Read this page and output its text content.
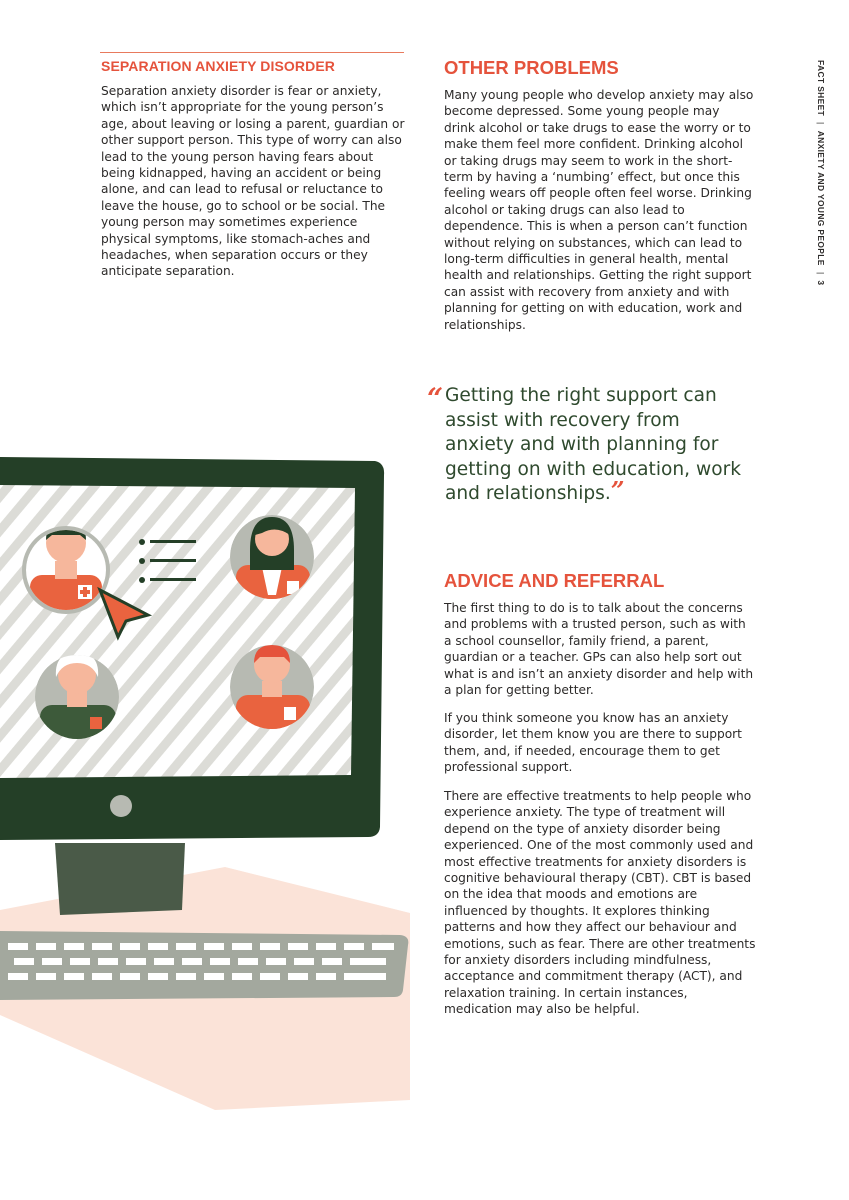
FACT SHEET|ANXIETY AND YOUNG PEOPLE|3
SEPARATION ANXIETY DISORDER

Separation anxiety disorder is fear or anxiety, which isn’t appropriate for the young person’s age, about leaving or losing a parent, guardian or other support person. This type of worry can also lead to the young person having fears about being kidnapped, having an accident or being alone, and can lead to refusal or reluctance to leave the house, go to school or be social. The young person may sometimes experience physical symptoms, like stomach-aches and headaches, when separation occurs or they anticipate separation.

OTHER PROBLEMS

Many young people who develop anxiety may also become depressed. Some young people may drink alcohol or take drugs to ease the worry or to make them feel more confident. Drinking alcohol or taking drugs may seem to work in the short-term by having a ‘numbing’ effect, but once this feeling wears off people often feel worse. Drinking alcohol or taking drugs can also lead to dependence. This is when a person can’t function without relying on substances, which can lead to long-term difficulties in general health, mental health and relationships. Getting the right support can assist with recovery from anxiety and with planning for getting on with education, work and relationships.

“ Getting the right support can assist with recovery from anxiety and with planning for getting on with education, work and relationships.”

ADVICE AND REFERRAL

The first thing to do is to talk about the concerns and problems with a trusted person, such as with a school counsellor, family friend, a parent, guardian or a teacher. GPs can also help sort out what is and isn’t an anxiety disorder and help with a plan for getting better.

If you think someone you know has an anxiety disorder, let them know you are there to support them, and, if needed, encourage them to get professional support.

There are effective treatments to help people who experience anxiety. The type of treatment will depend on the type of anxiety disorder being experienced. One of the most commonly used and most effective treatments for anxiety disorders is cognitive behavioural therapy (CBT). CBT is based on the idea that moods and emotions are influenced by thoughts. It explores thinking patterns and how they affect our behaviour and emotions, such as fear. There are other treatments for anxiety disorders including mindfulness, acceptance and commitment therapy (ACT), and relaxation training. In certain instances, medication may also be helpful.
